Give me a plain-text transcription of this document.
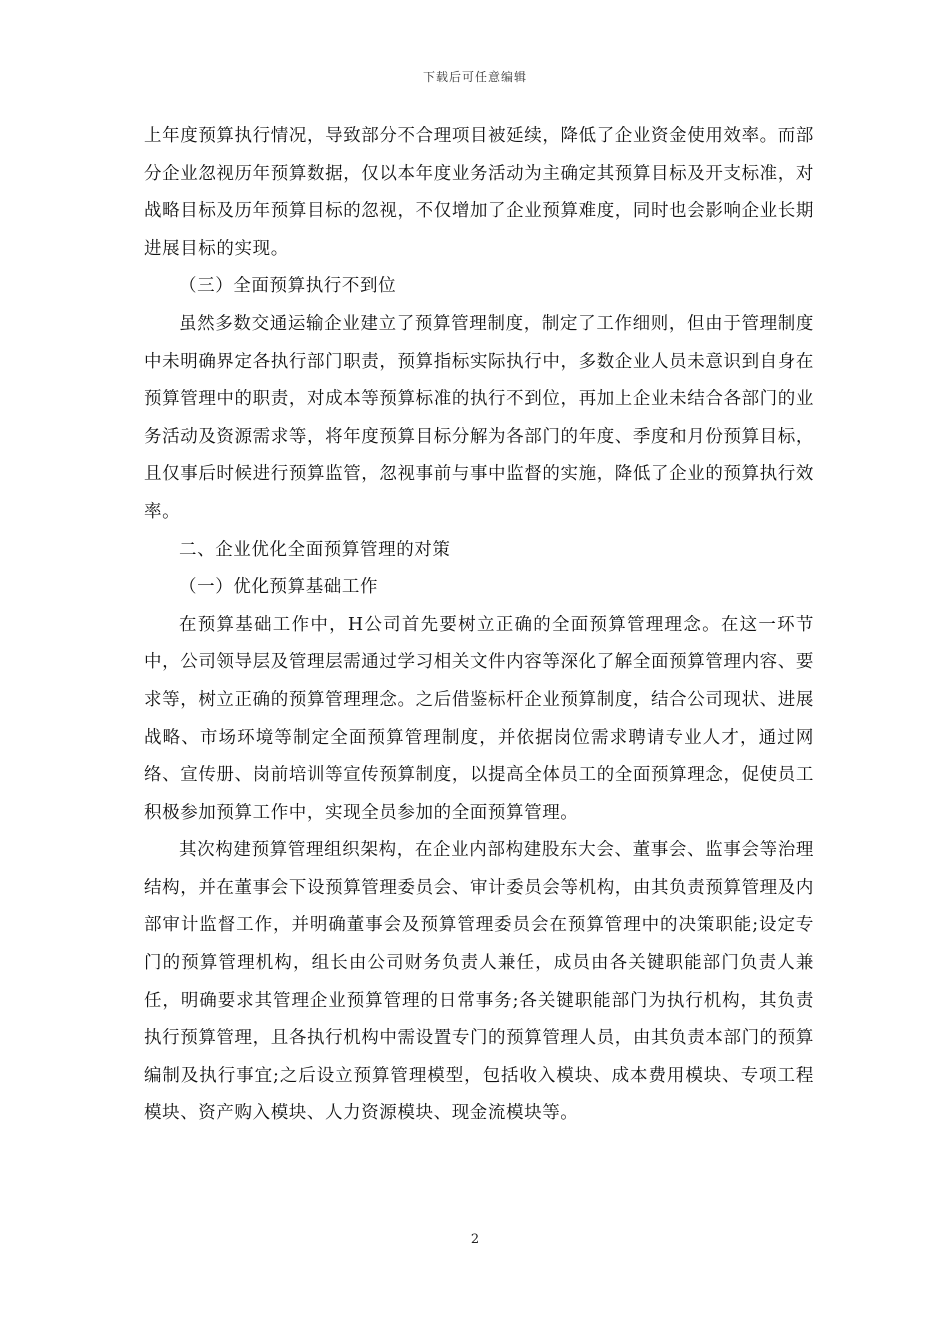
下载后可任意编辑

上年度预算执行情况，导致部分不合理项目被延续，降低了企业资金使用效率。而部分企业忽视历年预算数据，仅以本年度业务活动为主确定其预算目标及开支标准，对战略目标及历年预算目标的忽视，不仅增加了企业预算难度，同时也会影响企业长期进展目标的实现。

（三）全面预算执行不到位

虽然多数交通运输企业建立了预算管理制度，制定了工作细则，但由于管理制度中未明确界定各执行部门职责，预算指标实际执行中，多数企业人员未意识到自身在预算管理中的职责，对成本等预算标准的执行不到位，再加上企业未结合各部门的业务活动及资源需求等，将年度预算目标分解为各部门的年度、季度和月份预算目标，且仅事后时候进行预算监管，忽视事前与事中监督的实施，降低了企业的预算执行效率。

二、企业优化全面预算管理的对策

（一）优化预算基础工作

在预算基础工作中，H公司首先要树立正确的全面预算管理理念。在这一环节中，公司领导层及管理层需通过学习相关文件内容等深化了解全面预算管理内容、要求等，树立正确的预算管理理念。之后借鉴标杆企业预算制度，结合公司现状、进展战略、市场环境等制定全面预算管理制度，并依据岗位需求聘请专业人才，通过网络、宣传册、岗前培训等宣传预算制度，以提高全体员工的全面预算理念，促使员工积极参加预算工作中，实现全员参加的全面预算管理。

其次构建预算管理组织架构，在企业内部构建股东大会、董事会、监事会等治理结构，并在董事会下设预算管理委员会、审计委员会等机构，由其负责预算管理及内部审计监督工作，并明确董事会及预算管理委员会在预算管理中的决策职能;设定专门的预算管理机构，组长由公司财务负责人兼任，成员由各关键职能部门负责人兼任，明确要求其管理企业预算管理的日常事务;各关键职能部门为执行机构，其负责执行预算管理，且各执行机构中需设置专门的预算管理人员，由其负责本部门的预算编制及执行事宜;之后设立预算管理模型，包括收入模块、成本费用模块、专项工程模块、资产购入模块、人力资源模块、现金流模块等。

2
